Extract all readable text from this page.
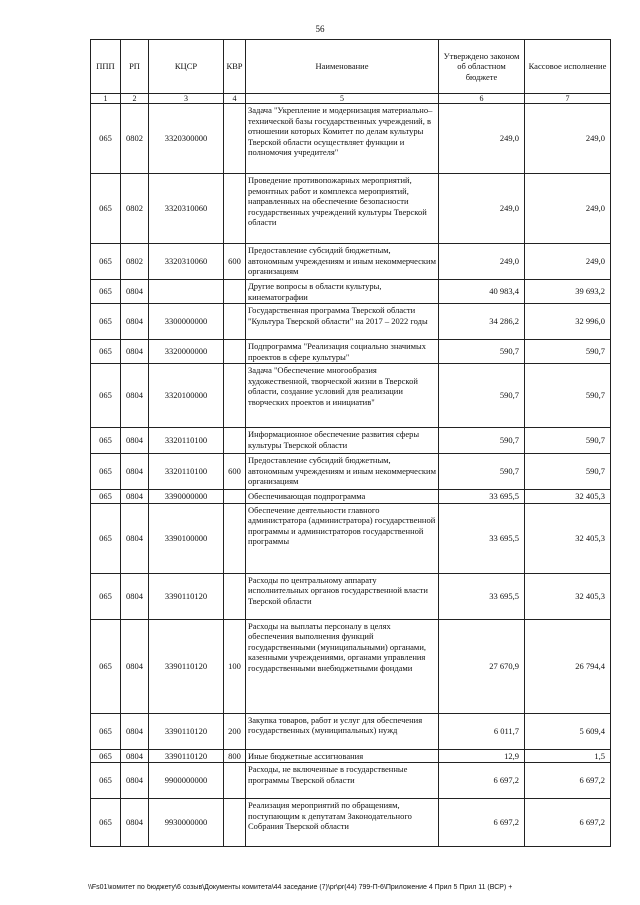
56
ППП	РП	КЦСР	КВР	Наименование	Утверждено законом об областном бюджете	Кассовое исполнение
1	2	3	4	5	6	7
065	0802	3320300000		Задача "Укрепление и модернизация материально–технической базы государственных учреждений, в отношении которых Комитет по делам культуры Тверской области осуществляет функции и полномочия учредителя"	249,0	249,0
065	0802	3320310060		Проведение противопожарных мероприятий, ремонтных работ и комплекса мероприятий, направленных на обеспечение безопасности государственных учреждений культуры Тверской области	249,0	249,0
065	0802	3320310060	600	Предоставление субсидий бюджетным, автономным учреждениям и иным некоммерческим организациям	249,0	249,0
065	0804			Другие вопросы в области культуры, кинематографии	40 983,4	39 693,2
065	0804	3300000000		Государственная программа Тверской области "Культура Тверской области" на 2017 – 2022 годы	34 286,2	32 996,0
065	0804	3320000000		Подпрограмма "Реализация социально значимых проектов в сфере культуры"	590,7	590,7
065	0804	3320100000		Задача "Обеспечение многообразия художественной, творческой жизни в Тверской области, создание условий для реализации творческих проектов и инициатив"	590,7	590,7
065	0804	3320110100		Информационное обеспечение развития сферы культуры Тверской области	590,7	590,7
065	0804	3320110100	600	Предоставление субсидий бюджетным, автономным учреждениям и иным некоммерческим организациям	590,7	590,7
065	0804	3390000000		Обеспечивающая подпрограмма	33 695,5	32 405,3
065	0804	3390100000		Обеспечение деятельности главного администратора (администратора) государственной программы и администраторов государственной программы	33 695,5	32 405,3
065	0804	3390110120		Расходы по центральному аппарату исполнительных органов государственной власти Тверской области	33 695,5	32 405,3
065	0804	3390110120	100	Расходы на выплаты персоналу в целях обеспечения выполнения функций государственными (муниципальными) органами, казенными учреждениями, органами управления государственными внебюджетными фондами	27 670,9	26 794,4
065	0804	3390110120	200	Закупка товаров, работ и услуг для обеспечения государственных (муниципальных) нужд	6 011,7	5 609,4
065	0804	3390110120	800	Иные бюджетные ассигнования	12,9	1,5
065	0804	9900000000		Расходы, не включенные в государственные программы Тверской области	6 697,2	6 697,2
065	0804	9930000000		Реализация мероприятий по обращениям, поступающим к депутатам Законодательного Собрания Тверской области	6 697,2	6 697,2
\\Fs01\комитет по бюджету\6 созыв\Документы комитета\44 заседание (7)\pr\pr(44) 799-П-6\Приложение 4 Прил 5 Прил 11 (ВСР) +
